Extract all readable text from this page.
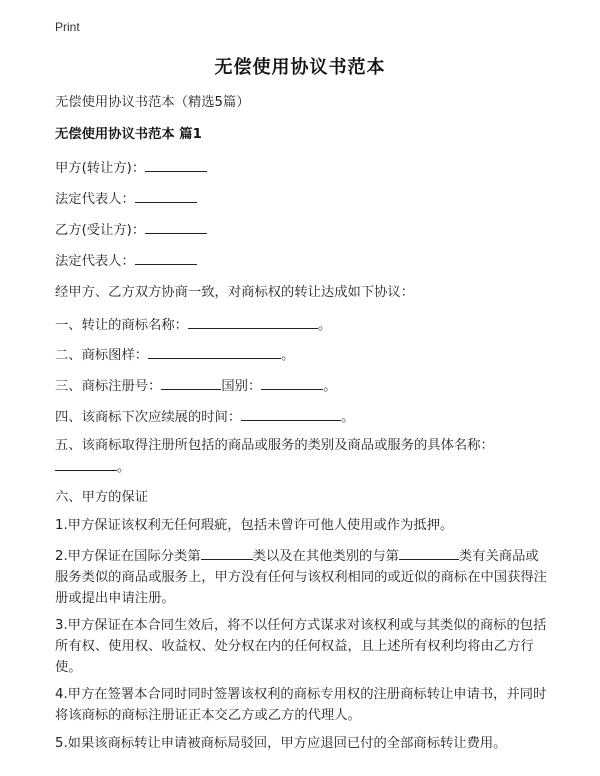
Print
无偿使用协议书范本
无偿使用协议书范本（精选5篇）
无偿使用协议书范本 篇1
甲方(转让方)：
法定代表人：
乙方(受让方)：
法定代表人：
经甲方、乙方双方协商一致，对商标权的转让达成如下协议：
一、转让的商标名称：	。
二、商标图样：	。
三、商标注册号：	国别：	。
四、该商标下次应续展的时间：	。
五、该商标取得注册所包括的商品或服务的类别及商品或服务的具体名称：
。
六、甲方的保证
1.甲方保证该权利无任何瑕疵，包括未曾许可他人使用或作为抵押。
2.甲方保证在国际分类第	类以及在其他类别的与第	类有关商品或服务类似的商品或服务上，甲方没有任何与该权利相同的或近似的商标在中国获得注册或提出申请注册。
3.甲方保证在本合同生效后，将不以任何方式谋求对该权利或与其类似的商标的包括所有权、使用权、收益权、处分权在内的任何权益，且上述所有权利均将由乙方行使。
4.甲方在签署本合同时同时签署该权利的商标专用权的注册商标转让申请书，并同时将该商标的商标注册证正本交乙方或乙方的代理人。
5.如果该商标转让申请被商标局驳回，甲方应退回已付的全部商标转让费用。
